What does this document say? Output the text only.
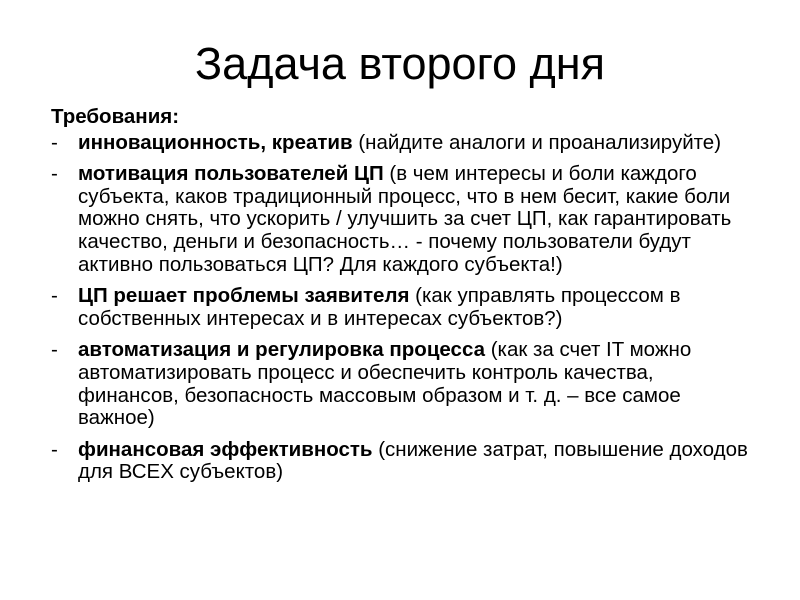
Задача второго дня
Требования:
- инновационность, креатив (найдите аналоги и проанализируйте)
- мотивация пользователей ЦП (в чем интересы и боли каждого субъекта, каков традиционный процесс, что в нем бесит, какие боли можно снять, что ускорить / улучшить за счет ЦП, как гарантировать качество, деньги и безопасность… - почему пользователи будут активно пользоваться ЦП? Для каждого субъекта!)
- ЦП решает проблемы заявителя (как управлять процессом в собственных интересах и в интересах субъектов?)
- автоматизация и регулировка процесса (как за счет IT можно автоматизировать процесс и обеспечить контроль качества, финансов, безопасность массовым образом и т. д. – все самое важное)
- финансовая эффективность (снижение затрат, повышение доходов для ВСЕХ субъектов)
